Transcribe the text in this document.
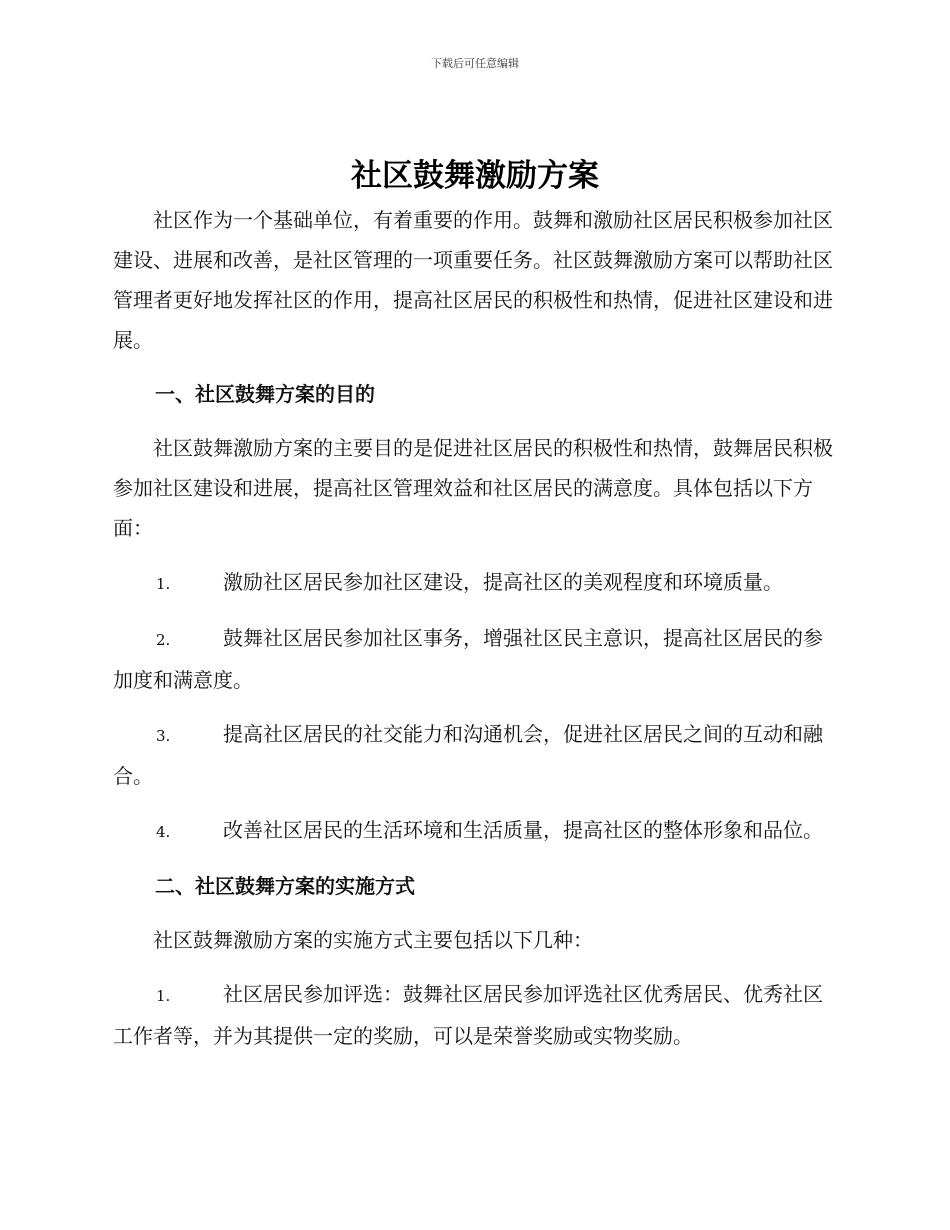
下载后可任意编辑
社区鼓舞激励方案

社区作为一个基础单位，有着重要的作用。鼓舞和激励社区居民积极参加社区建设、进展和改善，是社区管理的一项重要任务。社区鼓舞激励方案可以帮助社区管理者更好地发挥社区的作用，提高社区居民的积极性和热情，促进社区建设和进展。

一、社区鼓舞方案的目的

社区鼓舞激励方案的主要目的是促进社区居民的积极性和热情，鼓舞居民积极参加社区建设和进展，提高社区管理效益和社区居民的满意度。具体包括以下方面：

1.	激励社区居民参加社区建设，提高社区的美观程度和环境质量。

2.	鼓舞社区居民参加社区事务，增强社区民主意识，提高社区居民的参加度和满意度。

3.	提高社区居民的社交能力和沟通机会，促进社区居民之间的互动和融合。

4.	改善社区居民的生活环境和生活质量，提高社区的整体形象和品位。

二、社区鼓舞方案的实施方式

社区鼓舞激励方案的实施方式主要包括以下几种：

1.	社区居民参加评选：鼓舞社区居民参加评选社区优秀居民、优秀社区工作者等，并为其提供一定的奖励，可以是荣誉奖励或实物奖励。
